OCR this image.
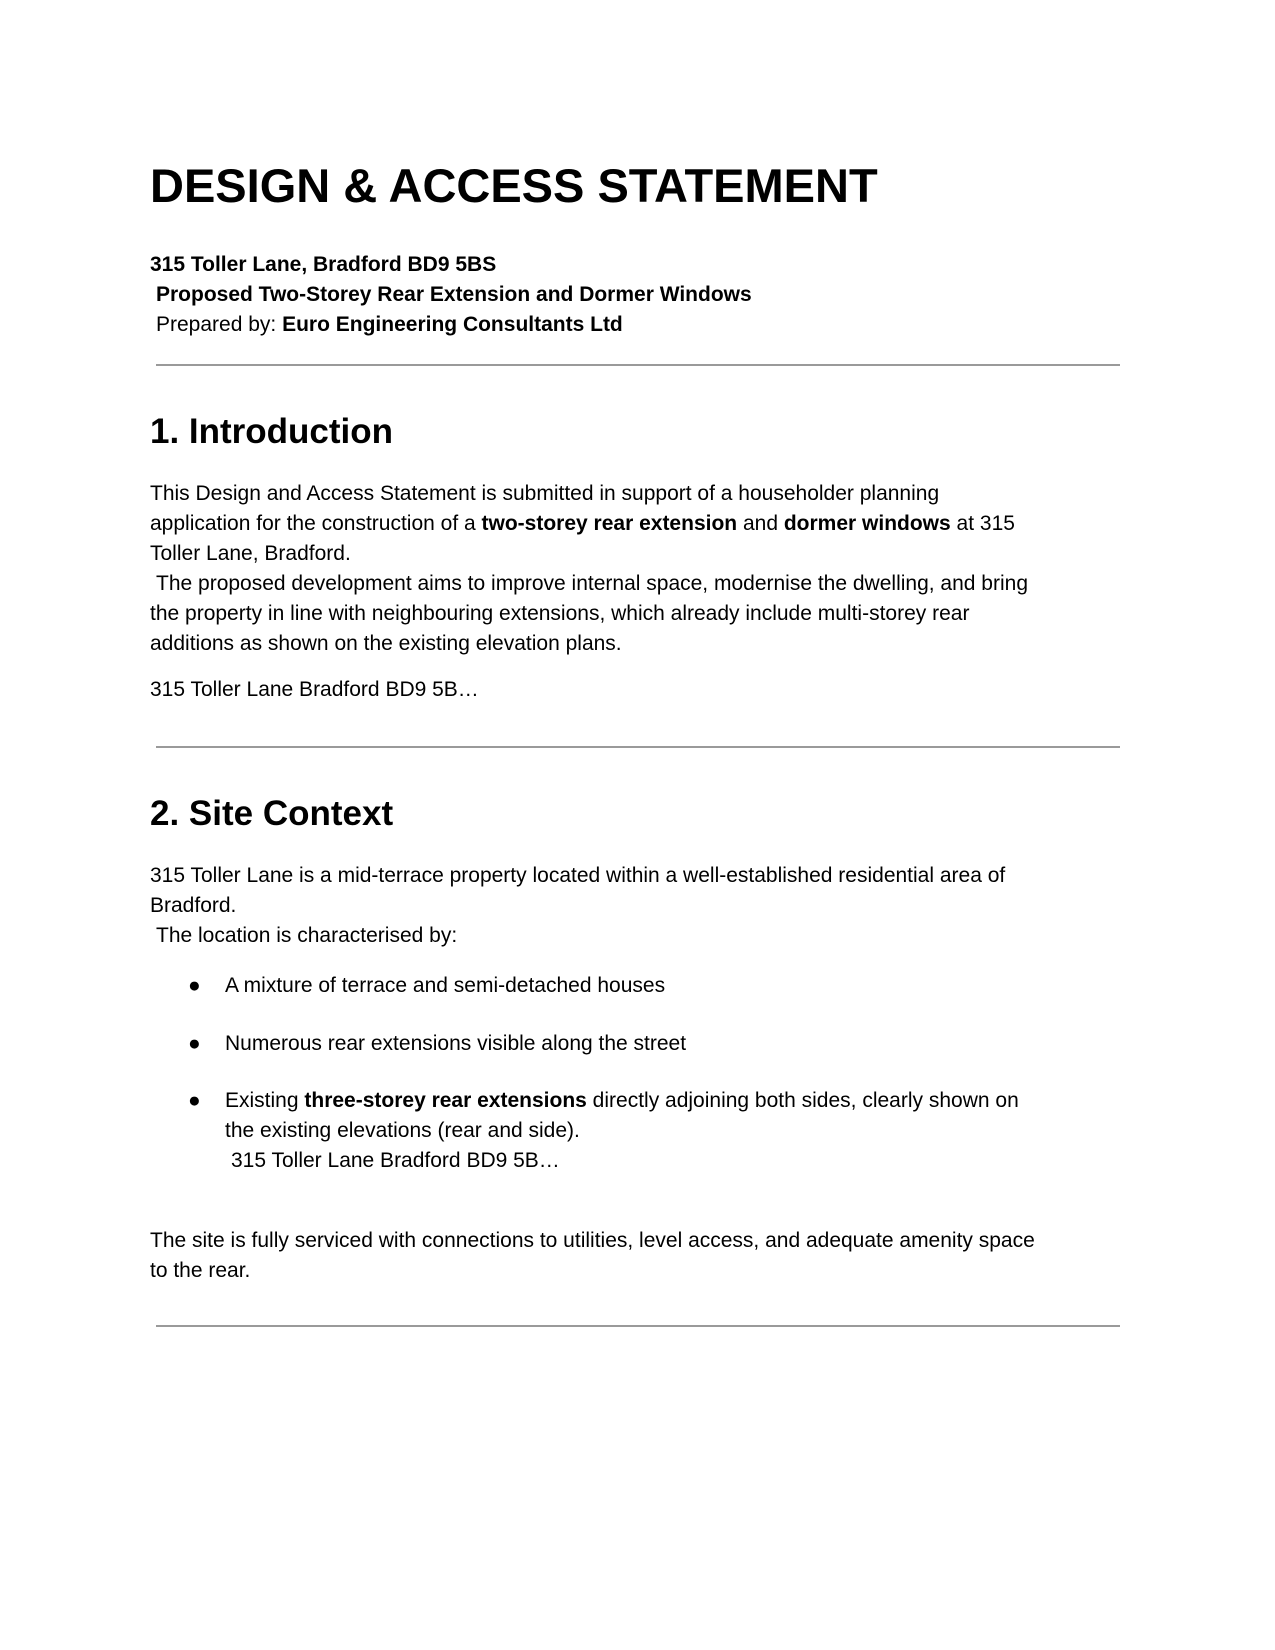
DESIGN & ACCESS STATEMENT
315 Toller Lane, Bradford BD9 5BS
Proposed Two-Storey Rear Extension and Dormer Windows
Prepared by: Euro Engineering Consultants Ltd
1. Introduction
This Design and Access Statement is submitted in support of a householder planning
application for the construction of a two-storey rear extension and dormer windows at 315
Toller Lane, Bradford.
The proposed development aims to improve internal space, modernise the dwelling, and bring
the property in line with neighbouring extensions, which already include multi-storey rear
additions as shown on the existing elevation plans.
315 Toller Lane Bradford BD9 5B…
2. Site Context
315 Toller Lane is a mid-terrace property located within a well-established residential area of
Bradford.
The location is characterised by:
● A mixture of terrace and semi-detached houses
● Numerous rear extensions visible along the street
● Existing three-storey rear extensions directly adjoining both sides, clearly shown on
the existing elevations (rear and side).
315 Toller Lane Bradford BD9 5B…
The site is fully serviced with connections to utilities, level access, and adequate amenity space
to the rear.
